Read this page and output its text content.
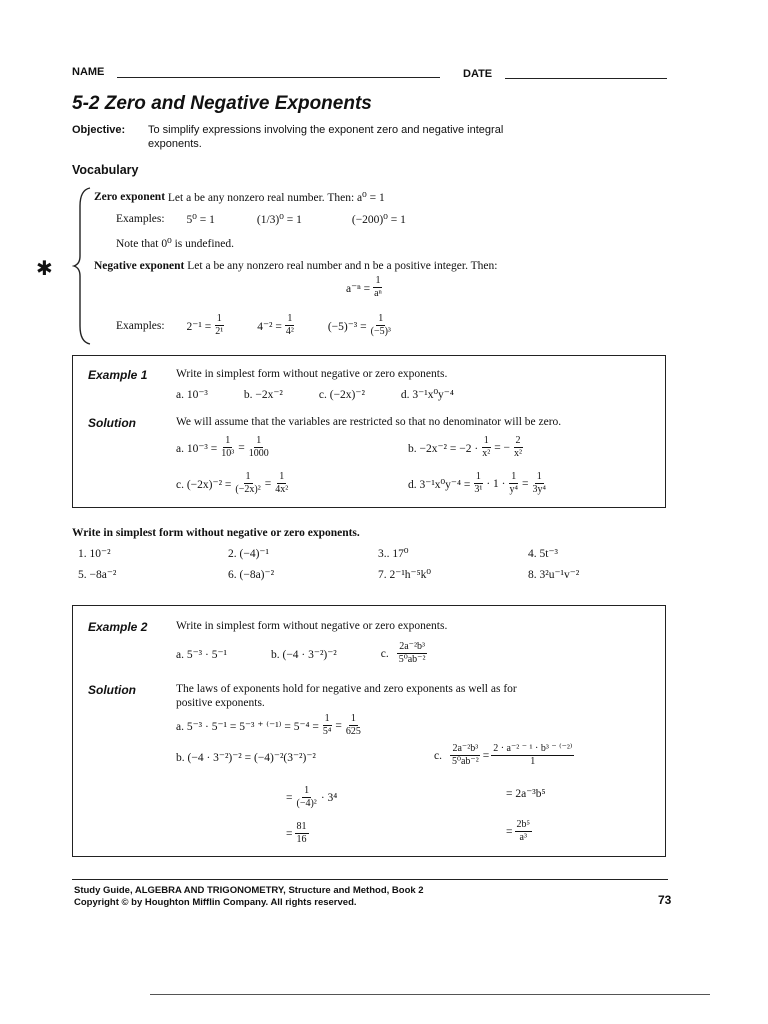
NAME	DATE
5-2 Zero and Negative Exponents
Objective: To simplify expressions involving the exponent zero and negative integral
exponents.
Vocabulary
✱
Zero exponent
Let a be any nonzero real number. Then: a⁰ = 1
Examples: 5⁰ = 1	(1/3)⁰ = 1	(−200)⁰ = 1
Note that 0⁰ is undefined.
Negative exponent
Let a be any nonzero real number and n be a positive integer. Then:
$a^{-n} = \frac{1}{\text{aⁿ}}$
Examples: $2^{-1} = \frac{1}{\text{2¹}}$	$4^{-2} = \frac{1}{\text{4²}}$	$(-5)^{-3} = \frac{1}{\text{(−5)³}}$
Example 1 Write in simplest form without negative or zero exponents.
a. 10⁻³	b. −2x⁻²	c. (−2x)⁻²	d. 3⁻¹x⁰y⁻⁴
Solution	We will assume that the variables are restricted so that no denominator will be zero.
a. $10^{-3} = \frac{1}{\text{10³}} = \frac{1}{1000}$	b. $-2x^{-2} = -2 \cdot \frac{1}{\text{x²}}$ = − $\frac{2}{\text{x²}}$
c. $(-2x)^{-2} = \frac{1}{\text{(−2x)²}} = \frac{1}{\text{4x²}}$	d. $3^{-1}x^0y^{-4} = \frac{1}{\text{3¹}} \cdot 1 \cdot \frac{1}{\text{y⁴}} = \frac{1}{\text{3y⁴}}$
Write in simplest form without negative or zero exponents.
1. 10⁻²	2. (−4)⁻¹	3.. 17⁰	4. 5t⁻³
5. −8a⁻²	6. (−8a)⁻²	7. 2⁻¹h⁻⁵k⁰	8. 3²u⁻¹v⁻²
Example 2 Write in simplest form without negative or zero exponents.
a. 5⁻³ · 5⁻¹	b. (−4 · 3⁻²)⁻²	c. $\frac{\text{2a⁻²b³}}{\text{5⁰ab⁻²}}$
Solution	The laws of exponents hold for negative and zero exponents as well as for
positive exponents.
a. 5⁻³ · 5⁻¹ = 5⁻³ ⁺ $^{(-1)} = 5^{-4} = \frac{1}{\text{5⁴}} = \frac{1}{625}$
b. (−4 · 3⁻²)⁻² = (−4)⁻²(3⁻²)⁻²
= $\frac{1}{\text{(−4)²}} \cdot 3^4$
= $\frac{81}{16}$
c. $\frac{\text{2a⁻²b³}}{\text{5⁰ab⁻²}} = \frac{\text{2 · a⁻² ⁻ ¹ · b³ ⁻ ⁽⁻²⁾}}{1}$
= 2a⁻³b⁵
= $\frac{\text{2b⁵}}{\text{a³}}$
Study Guide, ALGEBRA AND TRIGONOMETRY, Structure and Method, Book 2
Copyright © by Houghton Mifflin Company. All rights reserved.	73
